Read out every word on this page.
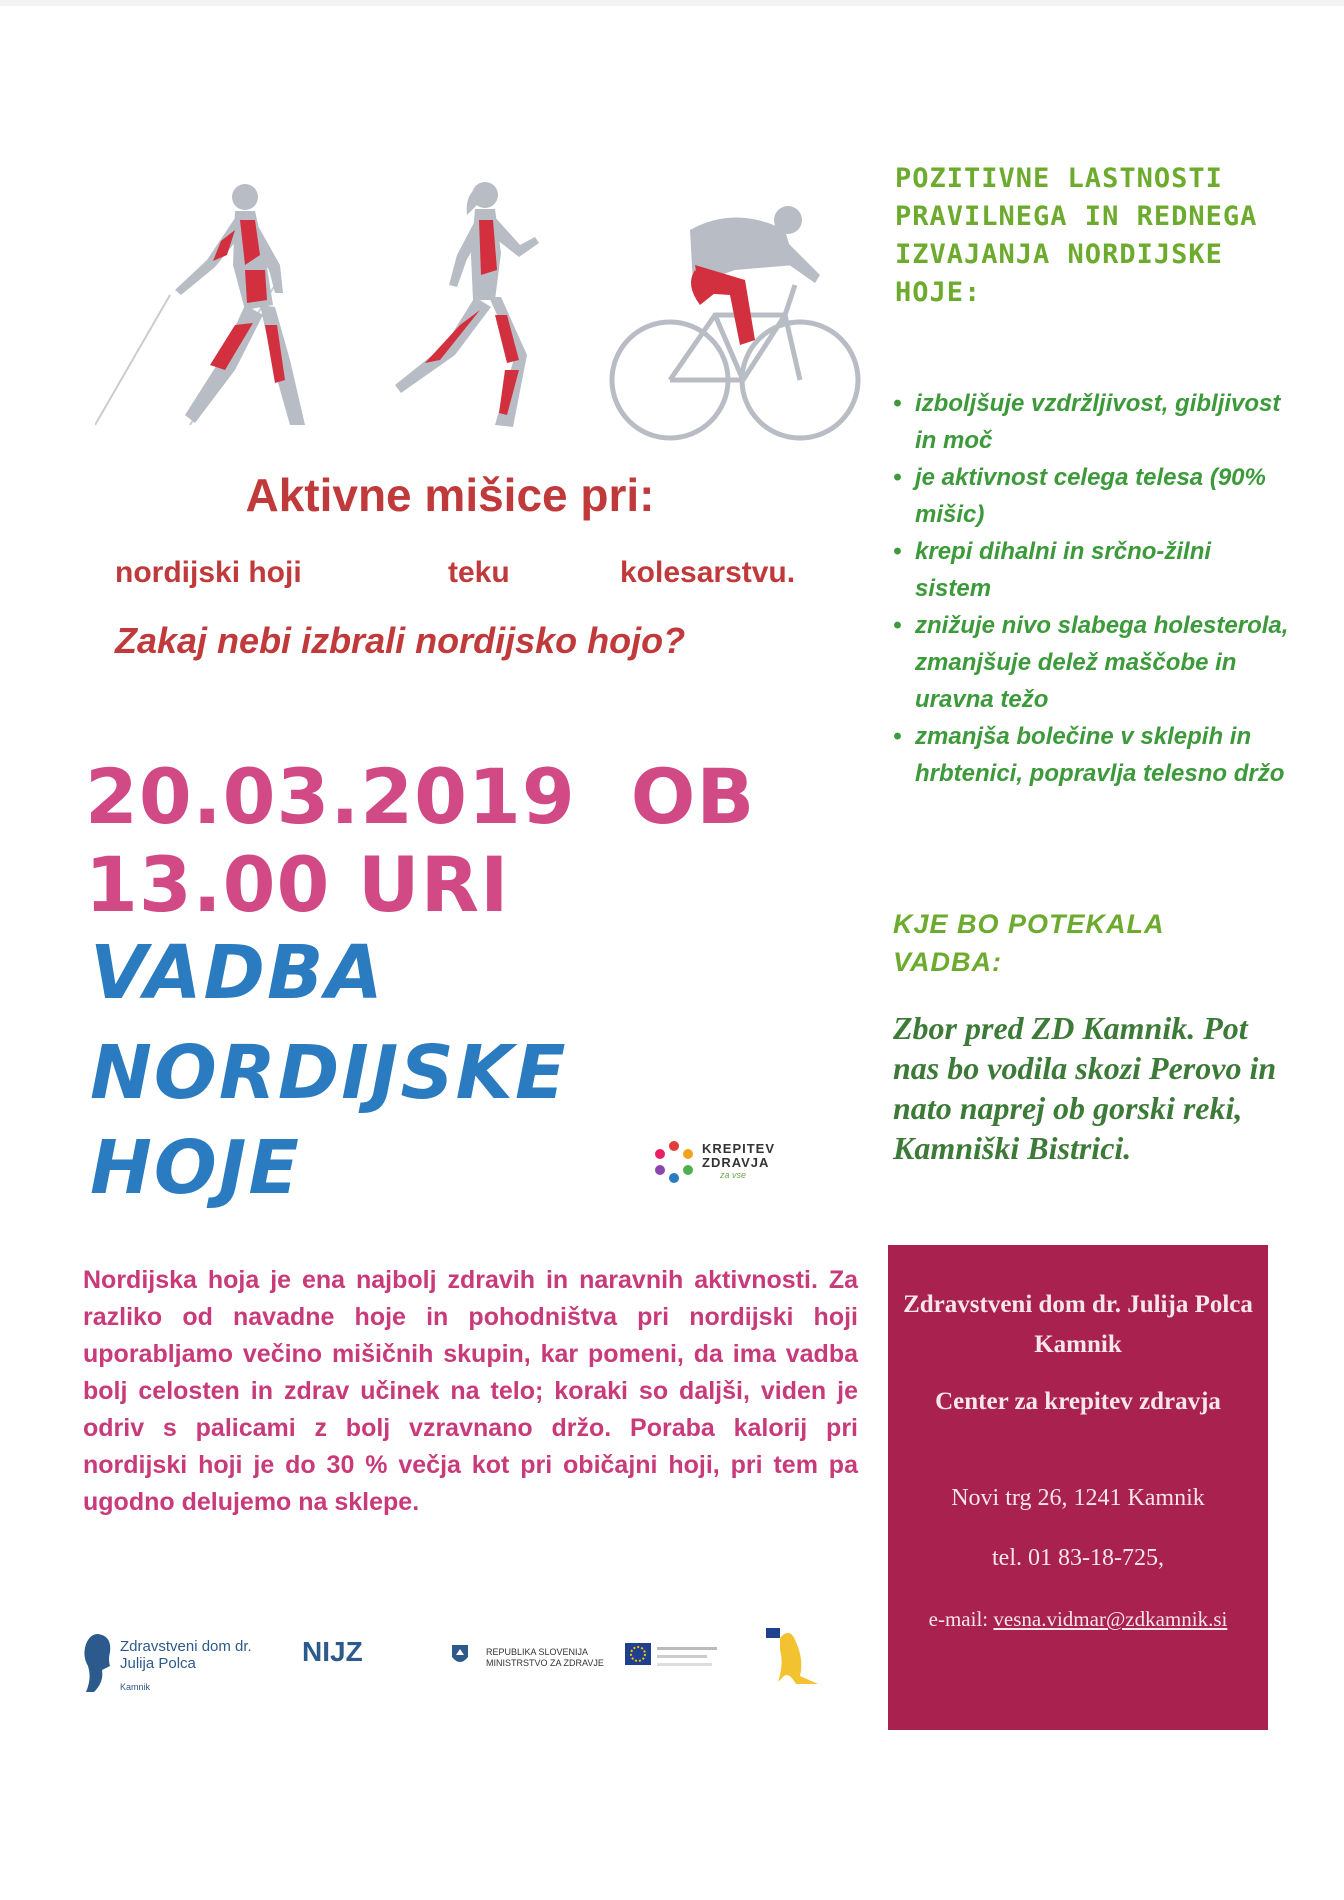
Aktivne mišice pri:
nordijski hoji	teku	kolesarstvu.
Zakaj nebi izbrali nordijsko hojo?
20.03.2019  OB
13.00 URI
VADBA
NORDIJSKE
HOJE	KREPITEV
ZDRAVJA
za vse
Nordijska hoja je ena najbolj zdravih in naravnih aktivnosti. Za razliko od navadne hoje in pohodništva pri nordijski hoji uporabljamo večino mišičnih skupin, kar pomeni, da ima vadba bolj celosten in zdrav učinek na telo; koraki so daljši, viden je odriv s palicami z bolj vzravnano držo. Poraba kalorij pri nordijski hoji je do 30 % večja kot pri običajni hoji, pri tem pa ugodno delujemo na sklepe.
POZITIVNE LASTNOSTI PRAVILNEGA IN REDNEGA IZVAJANJA NORDIJSKE HOJE:
• izboljšuje vzdržljivost, gibljivost in moč
• je aktivnost celega telesa (90% mišic)
• krepi dihalni in srčno-žilni sistem
• znižuje nivo slabega holesterola, zmanjšuje delež maščobe in uravna težo
• zmanjša bolečine v sklepih in hrbtenici, popravlja telesno držo
KJE BO POTEKALA VADBA:
Zbor pred ZD Kamnik. Pot nas bo vodila skozi Perovo in nato naprej ob gorski reki, Kamniški Bistrici.
Zdravstveni dom dr. Julija Polca Kamnik
Center za krepitev zdravja
Novi trg 26, 1241 Kamnik
tel. 01 83-18-725,
e-mail: vesna.vidmar@zdkamnik.si
Zdravstveni dom dr. Julija Polca
Kamnik
NIJZ	REPUBLIKA SLOVENIJA MINISTRSTVO ZA ZDRAVJE
